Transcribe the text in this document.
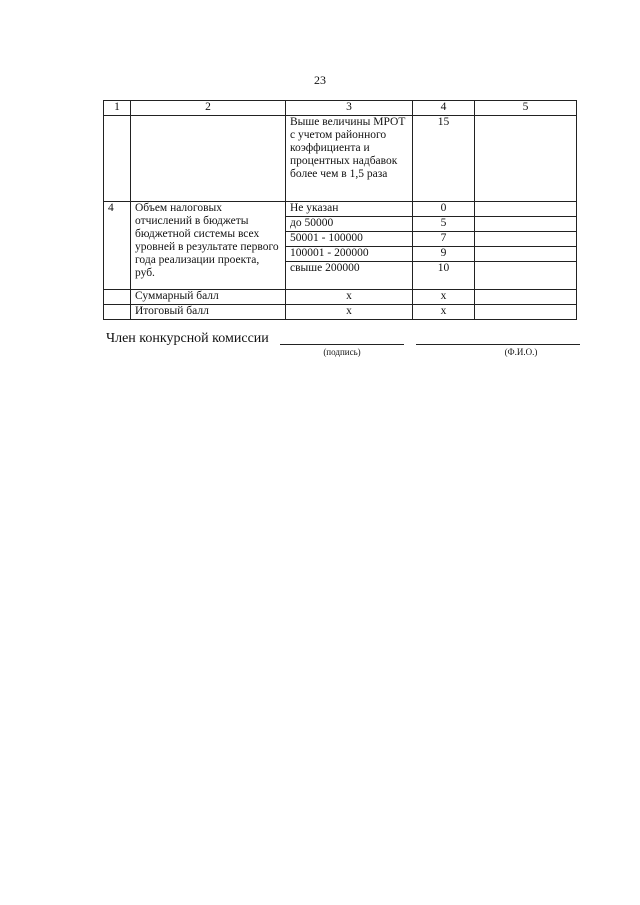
23
1	2	3	4	5
		Выше величины МРОТ с учетом районного коэффициента и процентных надбавок более чем в 1,5 раза	15	
4	Объем налоговых отчислений в бюджеты бюджетной системы всех уровней в результате первого года реализации проекта, руб.	Не указан	0	
		до 50000	5	
		50001 - 100000	7	
		100001 - 200000	9	
		свыше 200000	10	
	Суммарный балл	х	х	
	Итоговый балл	х	х	
Член конкурсной комиссии
(подпись)	(Ф.И.О.)
